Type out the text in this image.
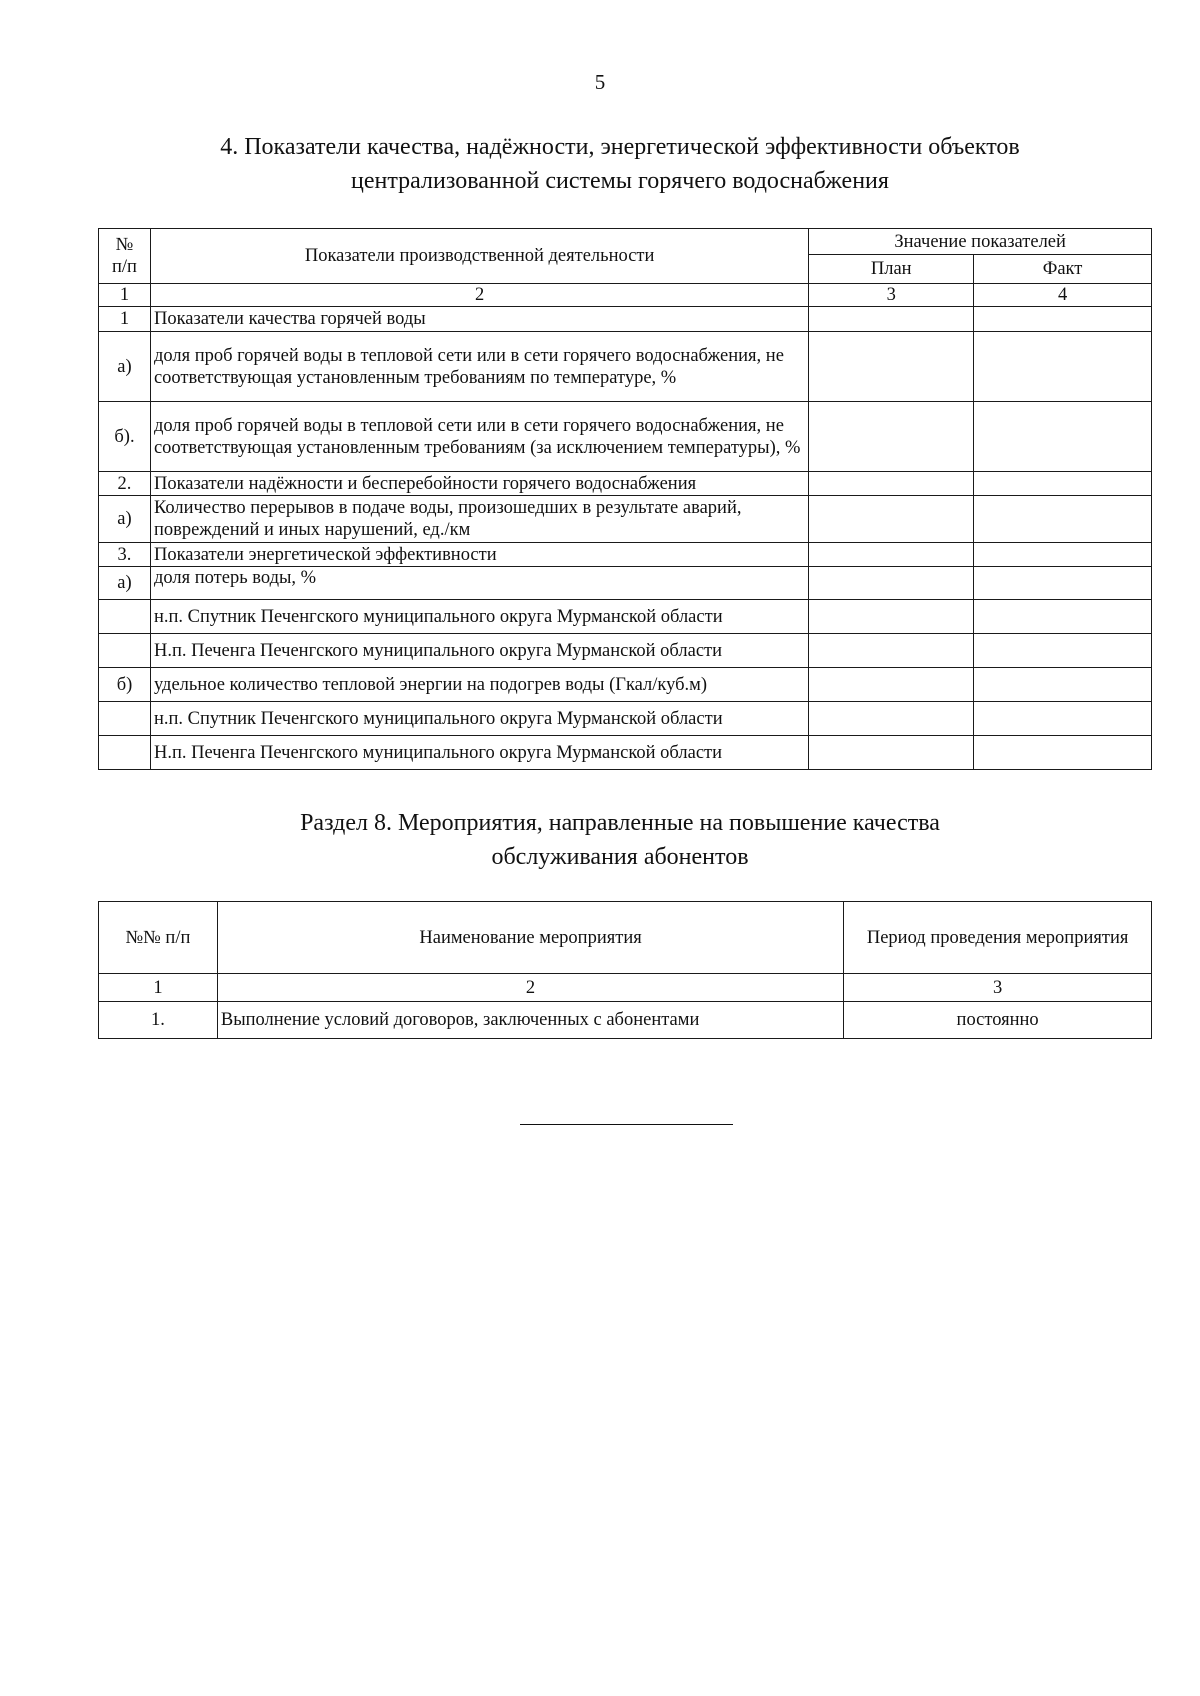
5
4. Показатели качества, надёжности, энергетической эффективности объектов
централизованной системы горячего водоснабжения
№
п/п	Показатели производственной деятельности	Значение показателей	
		План	Факт
1	2	3	4
1	Показатели качества горячей воды		
а)	доля проб горячей воды в тепловой сети или в сети горячего водоснабжения, не соответствующая установленным требованиям по температуре, %		
б).	доля проб горячей воды в тепловой сети или в сети горячего водоснабжения, не соответствующая установленным требованиям (за исключением температуры), %		
2.	Показатели надёжности и бесперебойности горячего водоснабжения		
а)	Количество перерывов в подаче воды, произошедших в результате аварий, повреждений и иных нарушений, ед./км		
3.	Показатели энергетической эффективности		
а)	доля потерь воды, %		
	н.п. Спутник Печенгского муниципального округа Мурманской области		
	Н.п. Печенга Печенгского муниципального округа Мурманской области		
б)	удельное количество тепловой энергии на подогрев воды (Гкал/куб.м)		
	н.п. Спутник Печенгского муниципального округа Мурманской области		
	Н.п. Печенга Печенгского муниципального округа Мурманской области		
Раздел 8. Мероприятия, направленные на повышение качества
обслуживания абонентов
№№ п/п	Наименование мероприятия	Период проведения мероприятия
1	2	3
1.	Выполнение условий договоров, заключенных с абонентами	постоянно
